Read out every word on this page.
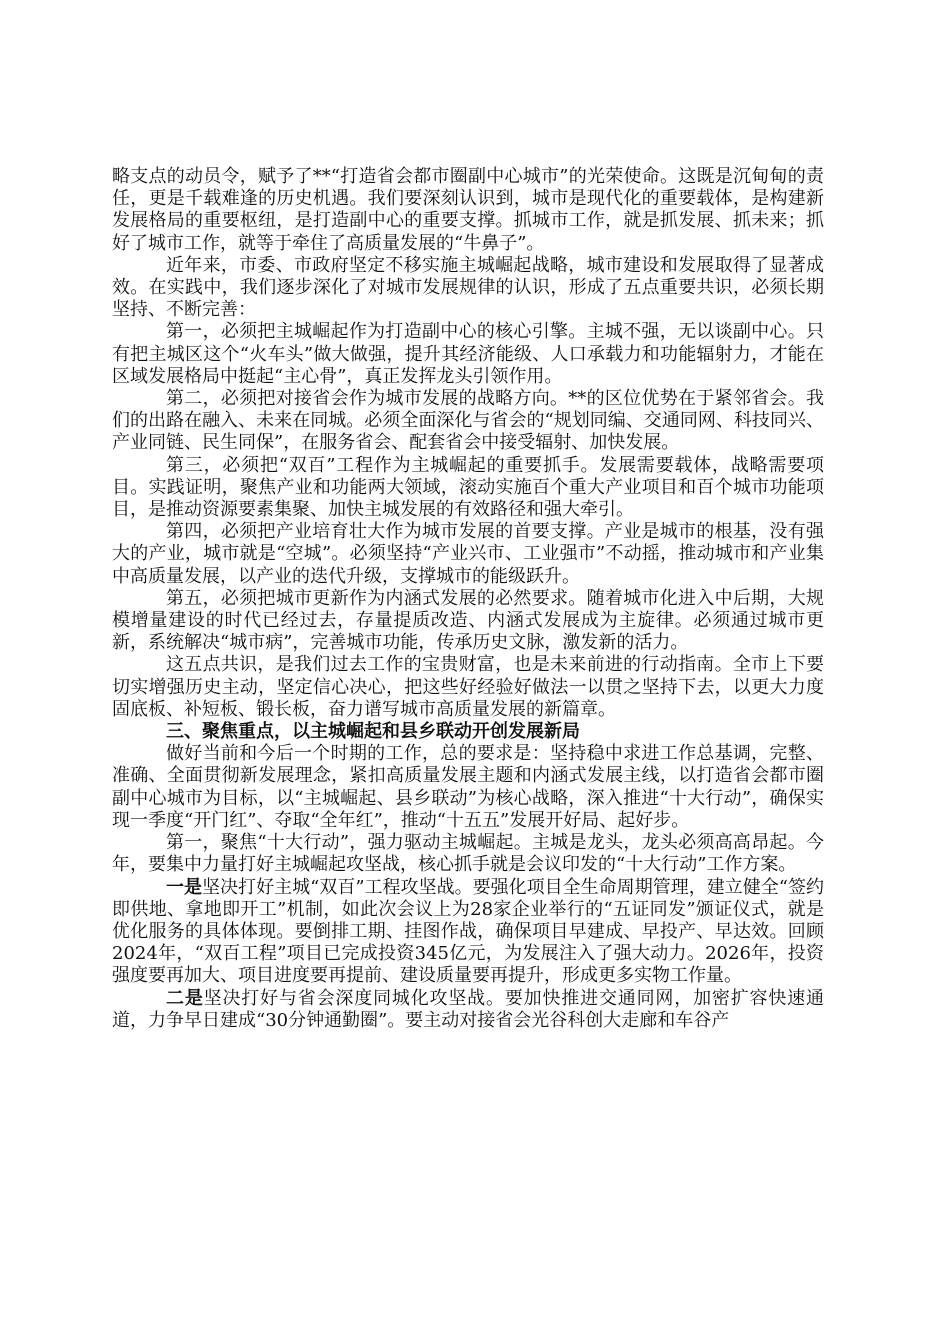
略支点的动员令，赋予了**“打造省会都市圈副中心城市”的光荣使命。这既是沉甸甸的责任，更是千载难逢的历史机遇。我们要深刻认识到，城市是现代化的重要载体，是构建新发展格局的重要枢纽，是打造副中心的重要支撑。抓城市工作，就是抓发展、抓未来；抓好了城市工作，就等于牵住了高质量发展的“牛鼻子”。

近年来，市委、市政府坚定不移实施主城崛起战略，城市建设和发展取得了显著成效。在实践中，我们逐步深化了对城市发展规律的认识，形成了五点重要共识，必须长期坚持、不断完善：

第一，必须把主城崛起作为打造副中心的核心引擎。主城不强，无以谈副中心。只有把主城区这个“火车头”做大做强，提升其经济能级、人口承载力和功能辐射力，才能在区域发展格局中挺起“主心骨”，真正发挥龙头引领作用。

第二，必须把对接省会作为城市发展的战略方向。**的区位优势在于紧邻省会。我们的出路在融入、未来在同城。必须全面深化与省会的“规划同编、交通同网、科技同兴、产业同链、民生同保”，在服务省会、配套省会中接受辐射、加快发展。

第三，必须把“双百”工程作为主城崛起的重要抓手。发展需要载体，战略需要项目。实践证明，聚焦产业和功能两大领域，滚动实施百个重大产业项目和百个城市功能项目，是推动资源要素集聚、加快主城发展的有效路径和强大牵引。

第四，必须把产业培育壮大作为城市发展的首要支撑。产业是城市的根基，没有强大的产业，城市就是“空城”。必须坚持“产业兴市、工业强市”不动摇，推动城市和产业集中高质量发展，以产业的迭代升级，支撑城市的能级跃升。

第五，必须把城市更新作为内涵式发展的必然要求。随着城市化进入中后期，大规模增量建设的时代已经过去，存量提质改造、内涵式发展成为主旋律。必须通过城市更新，系统解决“城市病”，完善城市功能，传承历史文脉，激发新的活力。

这五点共识，是我们过去工作的宝贵财富，也是未来前进的行动指南。全市上下要切实增强历史主动，坚定信心决心，把这些好经验好做法一以贯之坚持下去，以更大力度固底板、补短板、锻长板，奋力谱写城市高质量发展的新篇章。

三、聚焦重点，以主城崛起和县乡联动开创发展新局

做好当前和今后一个时期的工作，总的要求是：坚持稳中求进工作总基调，完整、准确、全面贯彻新发展理念，紧扣高质量发展主题和内涵式发展主线，以打造省会都市圈副中心城市为目标，以“主城崛起、县乡联动”为核心战略，深入推进“十大行动”，确保实现一季度“开门红”、夺取“全年红”，推动“十五五”发展开好局、起好步。

第一，聚焦“十大行动”，强力驱动主城崛起。主城是龙头，龙头必须高高昂起。今年，要集中力量打好主城崛起攻坚战，核心抓手就是会议印发的“十大行动”工作方案。

一是坚决打好主城“双百”工程攻坚战。要强化项目全生命周期管理，建立健全“签约即供地、拿地即开工”机制，如此次会议上为28家企业举行的“五证同发”颁证仪式，就是优化服务的具体体现。要倒排工期、挂图作战，确保项目早建成、早投产、早达效。回顾2024年，“双百工程”项目已完成投资345亿元，为发展注入了强大动力。2026年，投资强度要再加大、项目进度要再提前、建设质量要再提升，形成更多实物工作量。

二是坚决打好与省会深度同城化攻坚战。要加快推进交通同网，加密扩容快速通道，力争早日建成“30分钟通勤圈”。要主动对接省会光谷科创大走廊和车谷产
